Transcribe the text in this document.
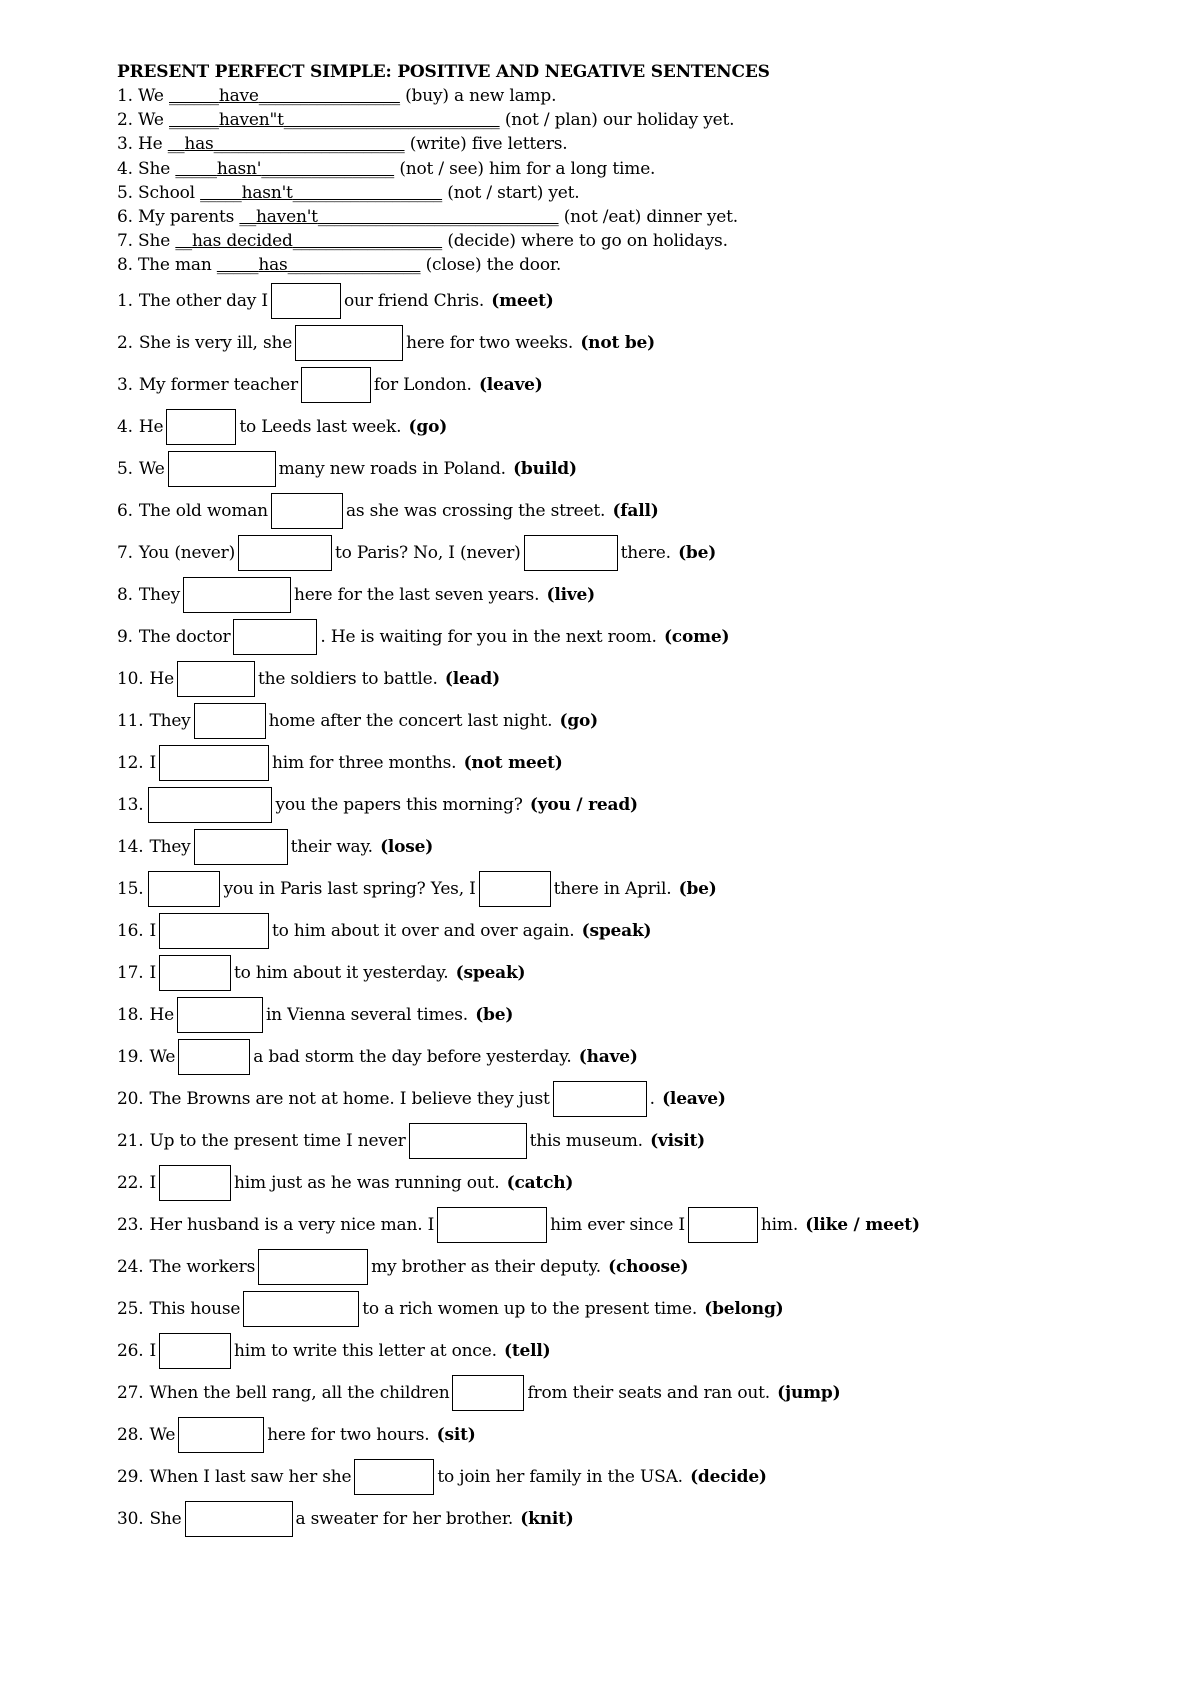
PRESENT PERFECT SIMPLE: POSITIVE AND NEGATIVE SENTENCES
1. We ______have_________________ (buy) a new lamp.
2. We ______haven"t__________________________ (not / plan) our holiday yet.
3. He __has_______________________ (write) five letters.
4. She _____hasn'________________ (not / see) him for a long time.
5. School _____hasn't__________________ (not / start) yet.
6. My parents __haven't_____________________________ (not /eat) dinner yet.
7. She __has decided__________________ (decide) where to go on holidays.
8. The man _____has________________ (close) the door.
1. The other day I	our friend Chris.
(meet)
2. She is very ill, she	here for two weeks.
(not be)
3. My former teacher	for London.
(leave)
4. He	to Leeds last week.
(go)
5. We	many new roads in Poland.
(build)
6. The old woman	as she was crossing the street.
(fall)
7. You (never)	to Paris? No, I (never)	there.
(be)
8. They	here for the last seven years.
(live)
9. The doctor	. He is waiting for you in the next room.
(come)
10. He	the soldiers to battle.
(lead)
11. They	home after the concert last night.
(go)
12. I	him for three months.
(not meet)
13.	you the papers this morning?
(you / read)
14. They	their way.
(lose)
15.	you in Paris last spring? Yes, I	there in April.
(be)
16. I	to him about it over and over again.
(speak)
17. I	to him about it yesterday.
(speak)
18. He	in Vienna several times.
(be)
19. We	a bad storm the day before yesterday.
(have)
20. The Browns are not at home. I believe they just	.
(leave)
21. Up to the present time I never	this museum.
(visit)
22. I	him just as he was running out.
(catch)
23. Her husband is a very nice man. I	him ever since I	him.
(like / meet)
24. The workers	my brother as their deputy.
(choose)
25. This house	to a rich women up to the present time.
(belong)
26. I	him to write this letter at once.
(tell)
27. When the bell rang, all the children	from their seats and ran out.
(jump)
28. We	here for two hours.
(sit)
29. When I last saw her she	to join her family in the USA.
(decide)
30. She	a sweater for her brother.
(knit)
